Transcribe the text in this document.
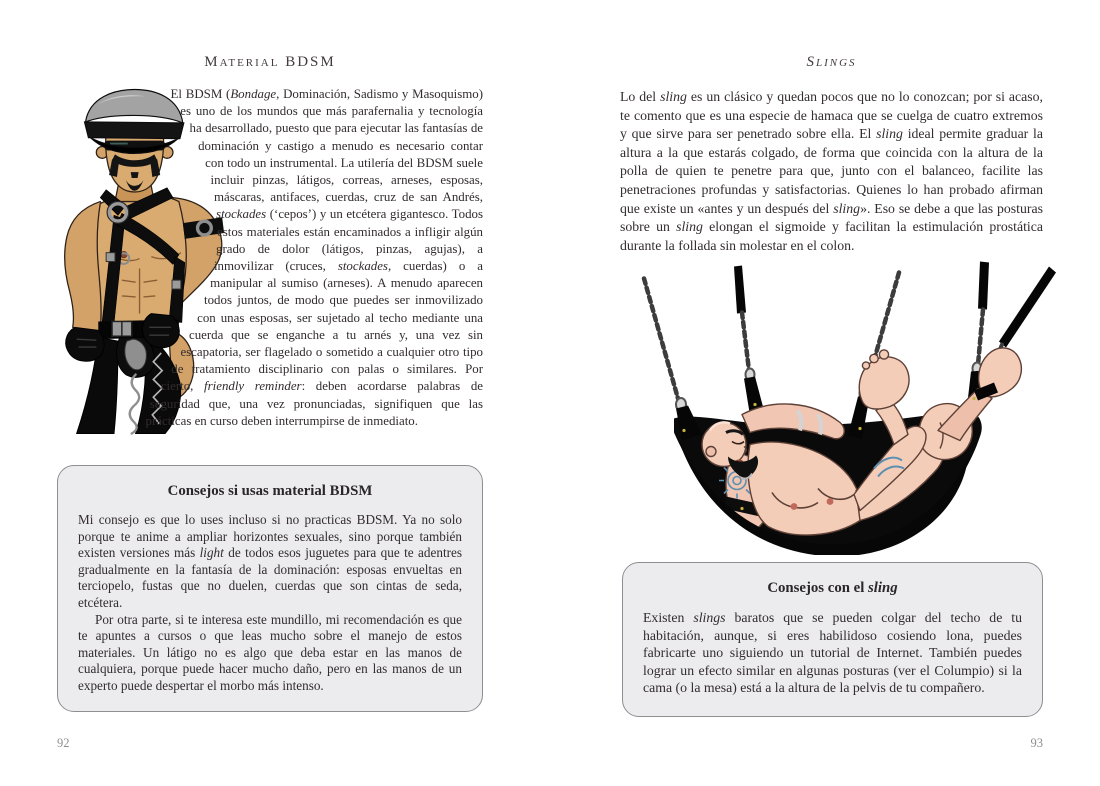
Material BDSM
El BDSM (Bondage, Dominación, Sadismo y Masoquismo) es uno de los mundos que más parafernalia y tecnología ha desarrollado, puesto que para ejecutar las fantasías de dominación y castigo a menudo es necesario contar con todo un instrumental. La utilería del BDSM suele incluir pinzas, látigos, correas, arneses, esposas, máscaras, antifaces, cuerdas, cruz de san Andrés, stockades (‘cepos’) y un etcétera gigantesco. Todos estos materiales están encaminados a infligir algún grado de dolor (látigos, pinzas, agujas), a inmovilizar (cruces, stockades, cuerdas) o a manipular al sumiso (arneses). A menudo aparecen todos juntos, de modo que puedes ser inmovilizado con unas esposas, ser sujetado al techo mediante una cuerda que se enganche a tu arnés y, una vez sin escapatoria, ser flagelado o sometido a cualquier otro tipo de tratamiento disciplinario con palas o similares. Por cierto, friendly reminder: deben acordarse palabras de seguridad que, una vez pronunciadas, signifiquen que las prácticas en curso deben interrumpirse de inmediato.
Consejos si usas material BDSM

Mi consejo es que lo uses incluso si no practicas BDSM. Ya no solo porque te anime a ampliar horizontes sexuales, sino porque también existen versiones más light de todos esos juguetes para que te adentres gradualmente en la fantasía de la dominación: esposas envueltas en terciopelo, fustas que no duelen, cuerdas que son cintas de seda, etcétera.

Por otra parte, si te interesa este mundillo, mi recomendación es que te apuntes a cursos o que leas mucho sobre el manejo de estos materiales. Un látigo no es algo que deba estar en las manos de cualquiera, porque puede hacer mucho daño, pero en las manos de un experto puede despertar el morbo más intenso.

92
Slings
Lo del sling es un clásico y quedan pocos que no lo conozcan; por si acaso, te comento que es una especie de hamaca que se cuelga de cuatro extremos y que sirve para ser penetrado sobre ella. El sling ideal permite graduar la altura a la que estarás colgado, de forma que coincida con la altura de la polla de quien te penetre para que, junto con el balanceo, facilite las penetraciones profundas y satisfactorias. Quienes lo han probado afirman que existe un «antes y un después del sling». Eso se debe a que las posturas sobre un sling elongan el sigmoide y facilitan la estimulación prostática durante la follada sin molestar en el colon.
Consejos con el sling

Existen slings baratos que se pueden colgar del techo de tu habitación, aunque, si eres habilidoso cosiendo lona, puedes fabricarte uno siguiendo un tutorial de Internet. También puedes lograr un efecto similar en algunas posturas (ver el Columpio) si la cama (o la mesa) está a la altura de la pelvis de tu compañero.

93
